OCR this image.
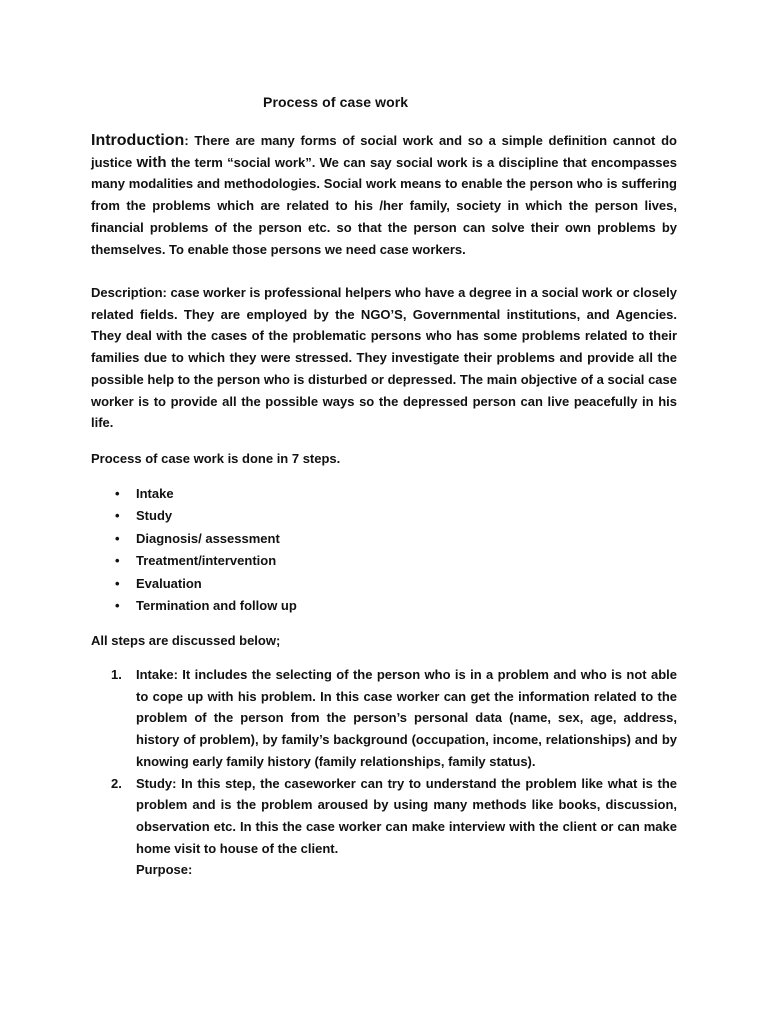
Process of case work

Introduction: There are many forms of social work and so a simple definition cannot do justice with the term “social work”. We can say social work is a discipline that encompasses many modalities and methodologies. Social work means to enable the person who is suffering from the problems which are related to his /her family, society in which the person lives, financial problems of the person etc. so that the person can solve their own problems by themselves. To enable those persons we need case workers.

Description: case worker is professional helpers who have a degree in a social work or closely related fields. They are employed by the NGO’S, Governmental institutions, and Agencies. They deal with the cases of the problematic persons who has some problems related to their families due to which they were stressed. They investigate their problems and provide all the possible help to the person who is disturbed or depressed. The main objective of a social case worker is to provide all the possible ways so the depressed person can live peacefully in his life.

Process of case work is done in 7 steps.

• Intake
• Study
• Diagnosis/ assessment
• Treatment/intervention
• Evaluation
• Termination and follow up

All steps are discussed below;

1. Intake: It includes the selecting of the person who is in a problem and who is not able to cope up with his problem. In this case worker can get the information related to the problem of the person from the person’s personal data (name, sex, age, address, history of problem), by family’s background (occupation, income, relationships) and by knowing early family history (family relationships, family status).
2. Study: In this step, the caseworker can try to understand the problem like what is the problem and is the problem aroused by using many methods like books, discussion, observation etc. In this the case worker can make interview with the client or can make home visit to house of the client.
Purpose:
